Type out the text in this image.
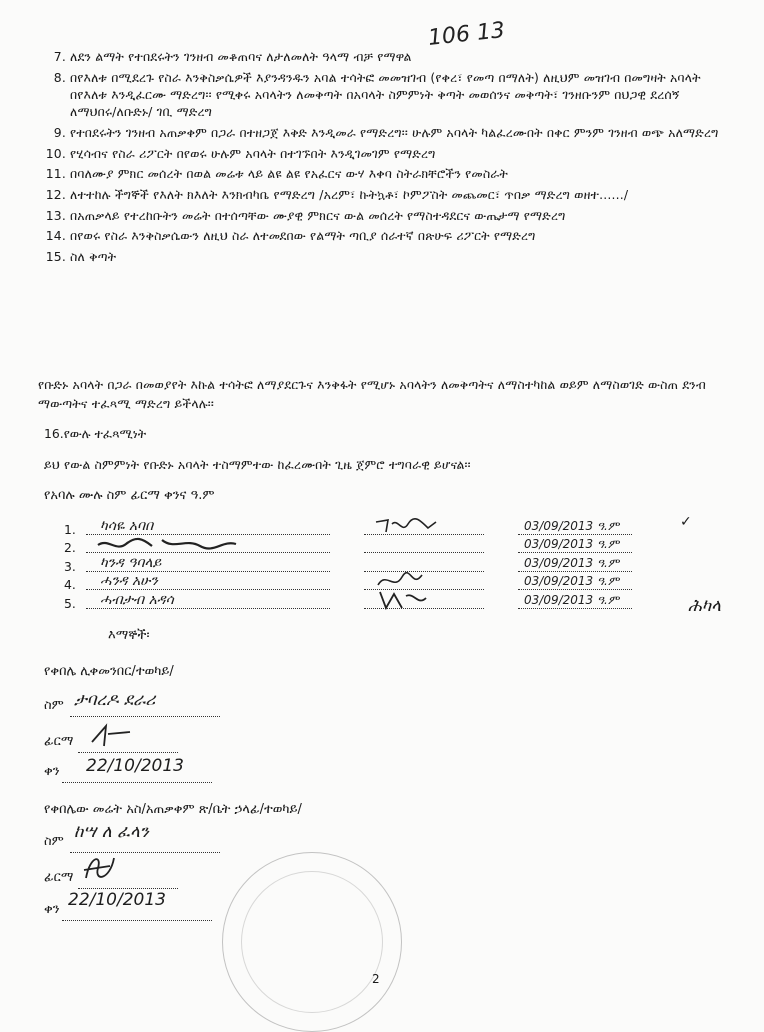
106 13
7. ለደን ልማት የተበደሩትን ገንዘብ መቆጠባና ለታለመለት ዓላማ ብቻ የማዋል
8. በየእለቱ በሚደረጉ የስራ እንቅስቃሴዎች እያንዳንዱን አባል ተሳትፎ መመዝገብ (የቀረ፣ የመጣ በማለት) ለዚህም መዝገብ በመግዛት አባላት በየእለቱ እንዲፈርሙ ማድረግ፡፡ የሚቀሩ አባላትን ለመቅጣት በአባላት ስምምነት ቅጣት መወሰንና መቅጣት፣ ገንዘቡንም በህጋዊ ደረሰኝ ለማህበሩ/ለቡድኑ/ ገቢ ማድረግ
9. የተበደሩትን ገንዘብ አጠቃቀም በጋራ በተዘጋጀ እቅድ እንዲመራ የማድረግ፡፡ ሁሉም አባላት ካልፈረሙበት በቀር ምንም ገንዘብ ወጭ አለማድረግ
10. የሂሳብና የስራ ሪፖርት በየወሩ ሁሉም አባላት በተገኙበት እንዲገመገም የማድረግ
11. በባለሙያ ምክር መሰረት በወል መሬቱ ላይ ልዩ ልዩ የአፈርና ውሃ እቀባ ስትራክቸሮችን የመስራት
12. ለተተከሉ ችግኞች የእለት ክእለት እንክብካቤ የማድረግ /አረም፣ ኩትኳቶ፣ ኮምፖስት መጨመር፣ ጥበቃ ማድረግ ወዘተ....../
13. በአጠቃላይ የተረከቡትን መሬት በተሰጣቸው ሙያዊ ምክርና ውል መሰረት የማስተዳደርና ውጤታማ የማድረግ
14. በየወሩ የስራ እንቅስቃሴውን ለዚህ ስራ ለተመደበው የልማት ጣቢያ ሰራተኛ በጽሁፍ ሪፖርት የማድረግ
15. ስለ ቅጣት

የቡድኑ አባላት በጋራ በመወያየት እኩል ተሳትፎ ለማያደርጉና እንቅፋት የሚሆኑ አባላትን ለመቅጣትና ለማስተካከል ወይም ለማስወገድ ውስጠ ደንብ ማውጣትና ተፈጻሚ ማድረግ ይችላሉ፡፡

16.የውሉ ተፈጻሚነት

ይህ የውል ስምምነት የቡድኑ አባላት ተስማምተው ከፈረሙበት ጊዜ ጀምሮ ተግባራዊ ይሆናል፡፡

የአባሉ ሙሉ ስም ፊርማ ቀንና ዓ.ም
1. ካሳዬ አባበ	03/09/2013 ዓ.ም
2.	03/09/2013 ዓ.ም
3. ካንዳ ዓባላይ	03/09/2013 ዓ.ም
4. ሓንዳ አሁን	03/09/2013 ዓ.ም
5. ሓብታብ አዳሳ	03/09/2013 ዓ.ም
✓
ሕካላ
እማኞች፡
የቀበሌ ሊቀመንበር/ተወካይ/
ስም ታባረዶ ደራሪ
ፊርማ
ቀን 22/10/2013
የቀበሌው መሬት አስ/አጠቃቀም ጽ/ቤት ኃላፊ/ተወካይ/
ስም ከሣ ለ ፈላን
ፊርማ
ቀን 22/10/2013
2
